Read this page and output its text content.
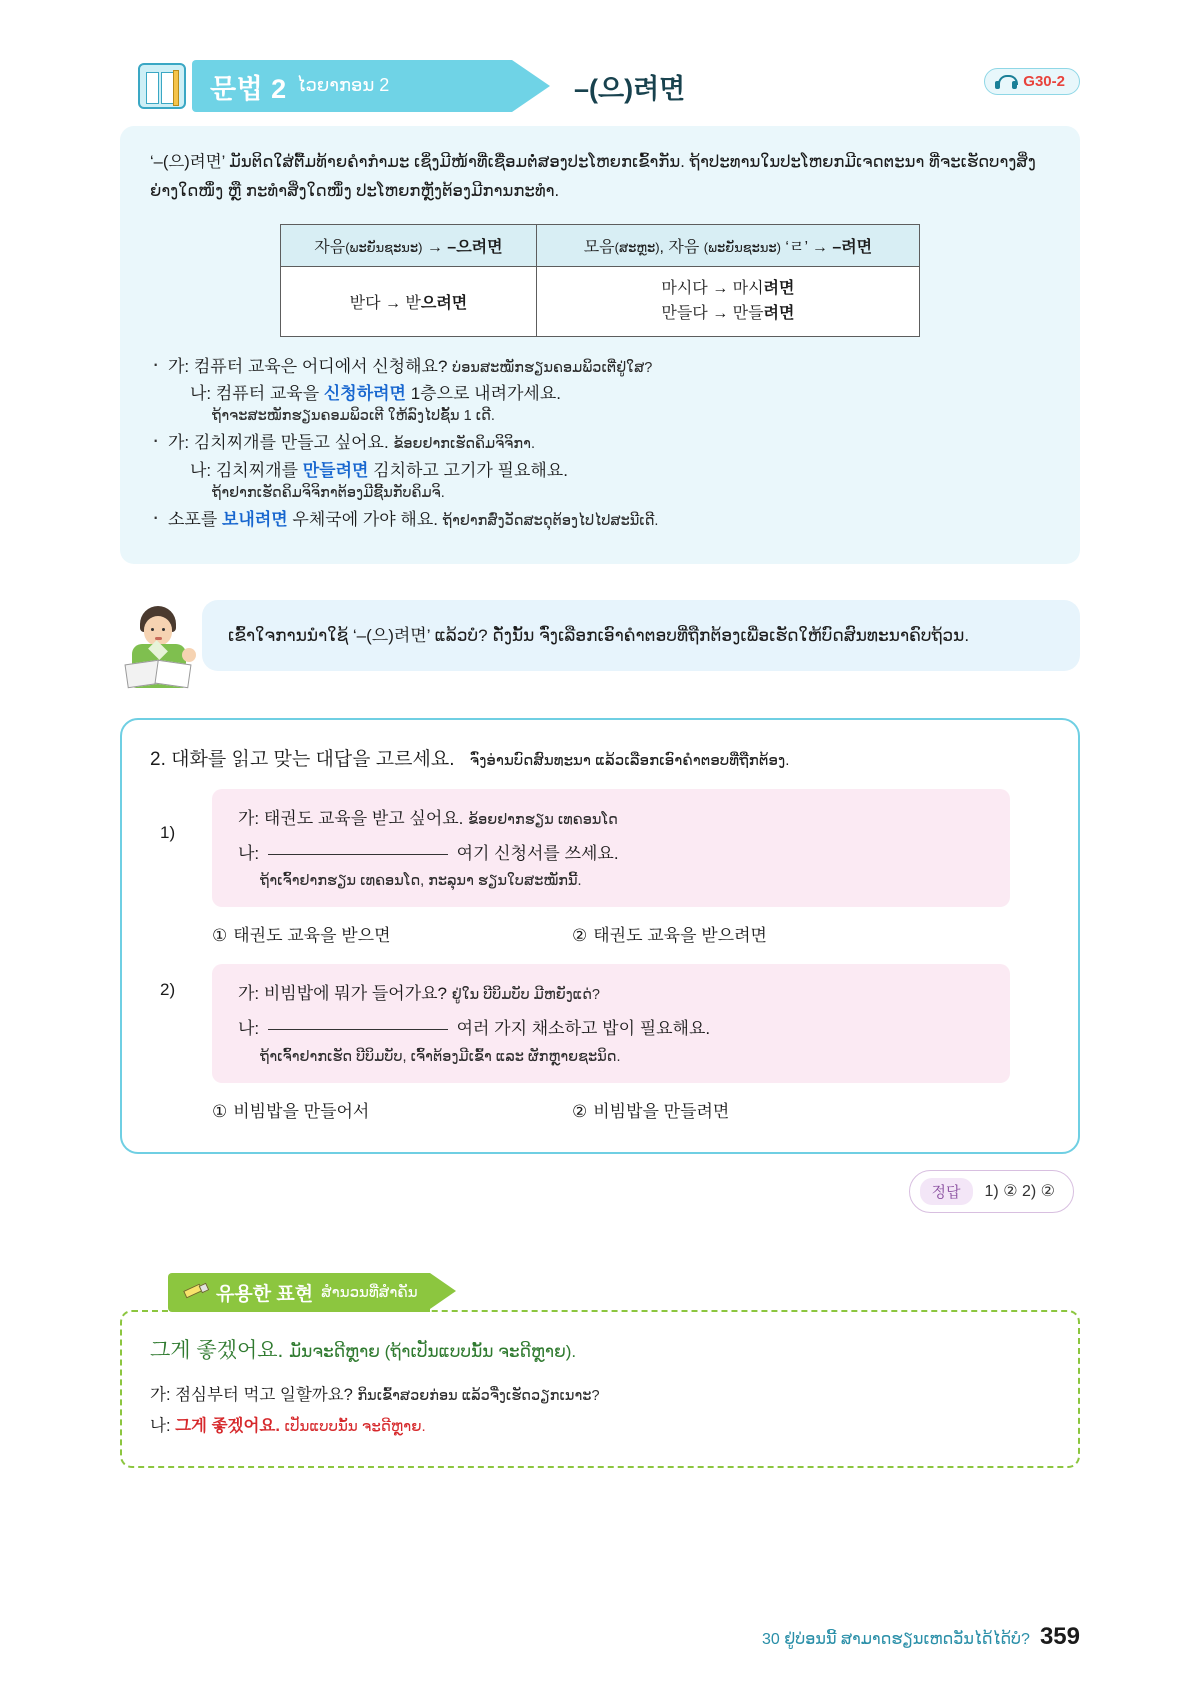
문법 2 ໄວຍາກອນ 2	–(으)려면	G30-2
‘–(으)려면’ ມັນຕິດໃສ່ຕື້ມທ້າຍຄຳກຳມະ ເຊິ່ງມີໜ້າທີ່ເຊື່ອມຕໍ່ສອງປະໂຫຍກເຂົ້າກັນ. ຖ້າປະທານໃນປະໂຫຍກມີເຈດຕະນາ ທີ່ຈະເຮັດບາງສິ່ງຍ່າງໃດໜຶ່ງ ຫຼື ກະທຳສິ່ງໃດໜຶ່ງ ປະໂຫຍກຫຼັງຕ້ອງມີການກະທຳ.
자음(ພະຍັນຊະນະ) → –으려면	모음(ສະຫຼະ), 자음 (ພະຍັນຊະນະ) ‘ㄹ’ → –려면
받다 → 받으려면	마시다 → 마시려면
만들다 → 만들려면
· 가: 컴퓨터 교육은 어디에서 신청해요? ບ່ອນສະໝັກຮຽນຄອມພິວເຕີ່ຢູ່ໃສ?
나: 컴퓨터 교육을 신청하려면 1층으로 내려가세요.
ຖ້າຈະສະໝັກຮຽນຄອມພິວເຕີ ໃຫ້ລົງໄປຊັ້ນ 1 ເດີ.
· 가: 김치찌개를 만들고 싶어요. ຂ້ອຍຢາກເຮັດຄິມຈິຈິກາ.
나: 김치찌개를 만들려면 김치하고 고기가 필요해요.
ຖ້າຢາກເຮັດຄິມຈິຈິກາຕ້ອງມີຊີ້ນກັບຄິມຈິ.
· 소포를 보내려면 우체국에 가야 해요. ຖ້າຢາກສົ່ງວັດສະດຸຕ້ອງໄປໄປສະນີເດີ.
ເຂົ້າໃຈການນຳໃຊ້ ‘–(으)려면’ ແລ້ວບໍ? ດັ່ງນັ້ນ ຈົ່ງເລືອກເອົາຄຳຕອບທີ່ຖືກຕ້ອງເພື່ອເຮັດໃຫ້ບົດສົນທະນາຄົບຖ້ວນ.
2. 대화를 읽고 맞는 대답을 고르세요. ຈົ່ງອ່ານບົດສົນທະນາ ແລ້ວເລືອກເອົາຄຳຕອບທີ່ຖືກຕ້ອງ.
1)
가: 태권도 교육을 받고 싶어요. ຂ້ອຍຢາກຮຽນ ເທຄອນໂດ
나:	여기 신청서를 쓰세요.
ຖ້າເຈົ້າຢາກຮຽນ ເທຄອນໂດ, ກະລຸນາ ຮຽນໃບສະໝັກນີ້.
① 태권도 교육을 받으면	② 태권도 교육을 받으려면
2)	가: 비빔밥에 뭐가 들어가요? ຢູ່ໃນ ບີບິມບັບ ມີຫຍັງແດ່?
나:	여러 가지 채소하고 밥이 필요해요.
ຖ້າເຈົ້າຢາກເຮັດ ບີບິມບັບ, ເຈົ້າຕ້ອງມີເຂົ້າ ແລະ ຜັກຫຼາຍຊະນິດ.
① 비빔밥을 만들어서	② 비빔밥을 만들려면
정답	1) ② 2) ②
유용한 표현 ສຳນວນທີ່ສຳຄັນ
그게 좋겠어요. ມັນຈະດີຫຼາຍ (ຖ້າເປັນແບບນັ້ນ ຈະດີຫຼາຍ).
가: 점심부터 먹고 일할까요? ກິນເຂົ້າສວຍກ່ອນ ແລ້ວຈື່ງເຮັດວຽກເນາະ?
나: 그게 좋겠어요. ເປັນແບບນັ້ນ ຈະດີຫຼາຍ.
30 ຢູ່ບ່ອນນີ້ ສາມາດຮຽນເຫດວັນໄດ້ໄດ້ບໍ? 359
